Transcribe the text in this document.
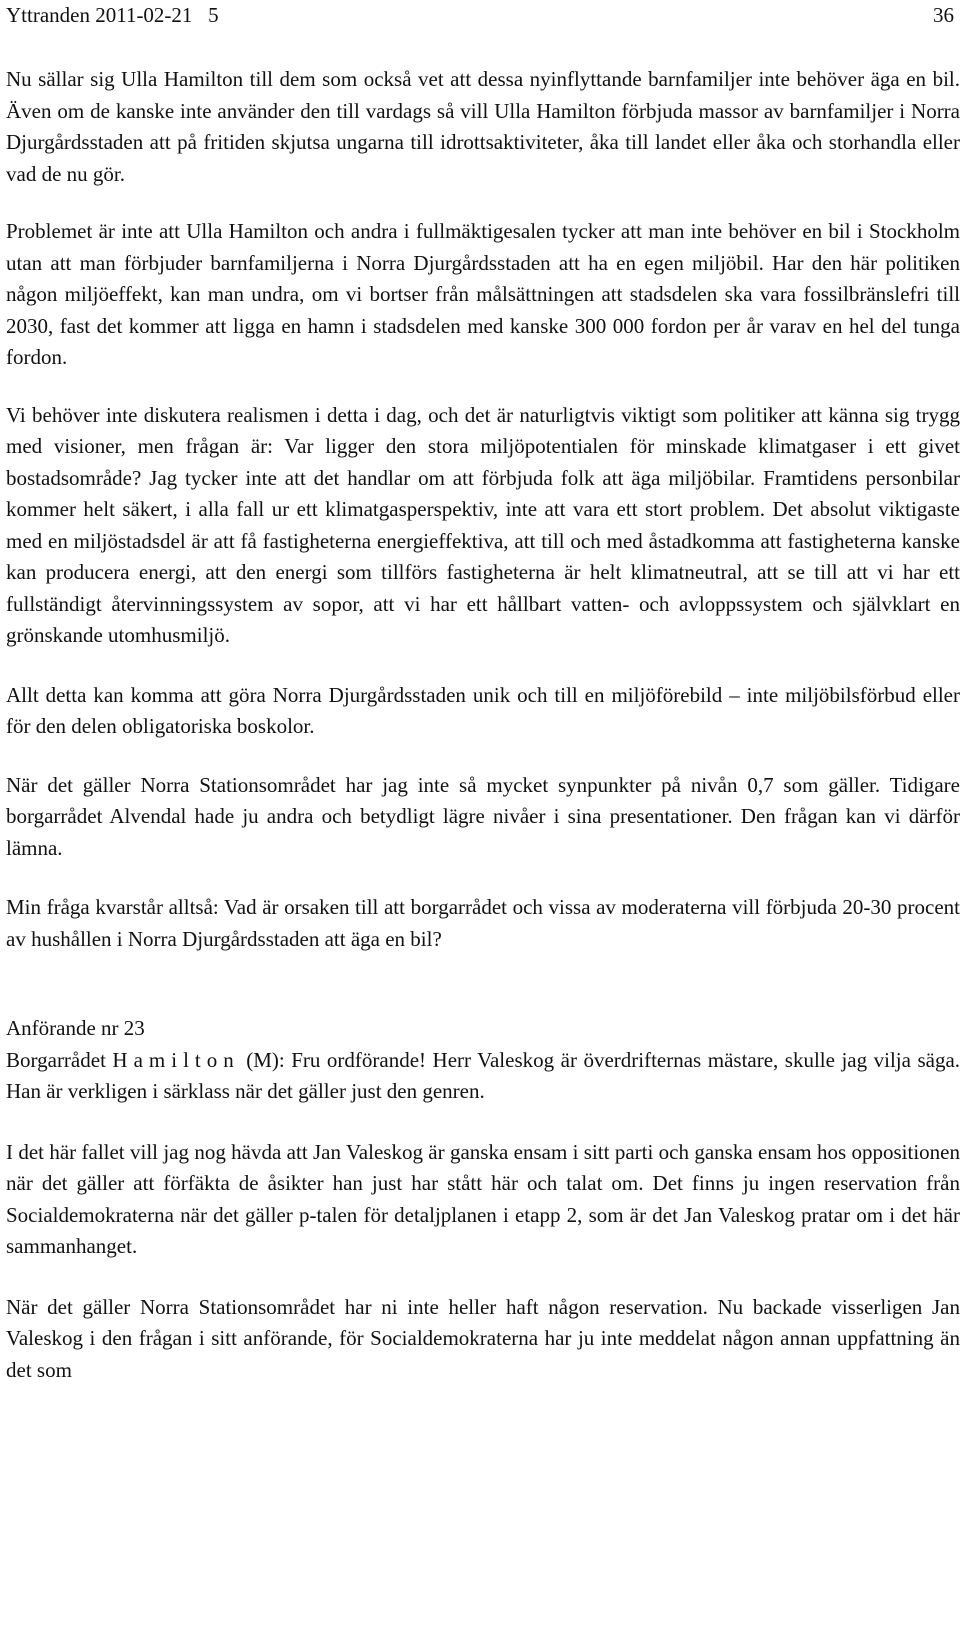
Yttranden 2011-02-21   5	36

Nu sällar sig Ulla Hamilton till dem som också vet att dessa nyinflyttande barnfamiljer inte behöver äga en bil. Även om de kanske inte använder den till vardags så vill Ulla Hamilton förbjuda massor av barnfamiljer i Norra Djurgårdsstaden att på fritiden skjutsa ungarna till idrottsaktiviteter, åka till landet eller åka och storhandla eller vad de nu gör.

Problemet är inte att Ulla Hamilton och andra i fullmäktigesalen tycker att man inte behöver en bil i Stockholm utan att man förbjuder barnfamiljerna i Norra Djurgårdsstaden att ha en egen miljöbil. Har den här politiken någon miljöeffekt, kan man undra, om vi bortser från målsättningen att stadsdelen ska vara fossilbränslefri till 2030, fast det kommer att ligga en hamn i stadsdelen med kanske 300 000 fordon per år varav en hel del tunga fordon.

Vi behöver inte diskutera realismen i detta i dag, och det är naturligtvis viktigt som politiker att känna sig trygg med visioner, men frågan är: Var ligger den stora miljöpotentialen för minskade klimatgaser i ett givet bostadsområde? Jag tycker inte att det handlar om att förbjuda folk att äga miljöbilar. Framtidens personbilar kommer helt säkert, i alla fall ur ett klimatgasperspektiv, inte att vara ett stort problem. Det absolut viktigaste med en miljöstadsdel är att få fastigheterna energieffektiva, att till och med åstadkomma att fastigheterna kanske kan producera energi, att den energi som tillförs fastigheterna är helt klimatneutral, att se till att vi har ett fullständigt återvinningssystem av sopor, att vi har ett hållbart vatten- och avloppssystem och självklart en grönskande utomhusmiljö.

Allt detta kan komma att göra Norra Djurgårdsstaden unik och till en miljöförebild – inte miljöbilsförbud eller för den delen obligatoriska boskolor.

När det gäller Norra Stationsområdet har jag inte så mycket synpunkter på nivån 0,7 som gäller. Tidigare borgarrådet Alvendal hade ju andra och betydligt lägre nivåer i sina presentationer. Den frågan kan vi därför lämna.

Min fråga kvarstår alltså: Vad är orsaken till att borgarrådet och vissa av moderaterna vill förbjuda 20-30 procent av hushållen i Norra Djurgårdsstaden att äga en bil?

Anförande nr 23
Borgarrådet Hamilton (M): Fru ordförande! Herr Valeskog är överdrifternas mästare, skulle jag vilja säga. Han är verkligen i särklass när det gäller just den genren.

I det här fallet vill jag nog hävda att Jan Valeskog är ganska ensam i sitt parti och ganska ensam hos oppositionen när det gäller att förfäkta de åsikter han just har stått här och talat om. Det finns ju ingen reservation från Socialdemokraterna när det gäller p-talen för detaljplanen i etapp 2, som är det Jan Valeskog pratar om i det här sammanhanget.

När det gäller Norra Stationsområdet har ni inte heller haft någon reservation. Nu backade visserligen Jan Valeskog i den frågan i sitt anförande, för Socialdemokraterna har ju inte meddelat någon annan uppfattning än det som
